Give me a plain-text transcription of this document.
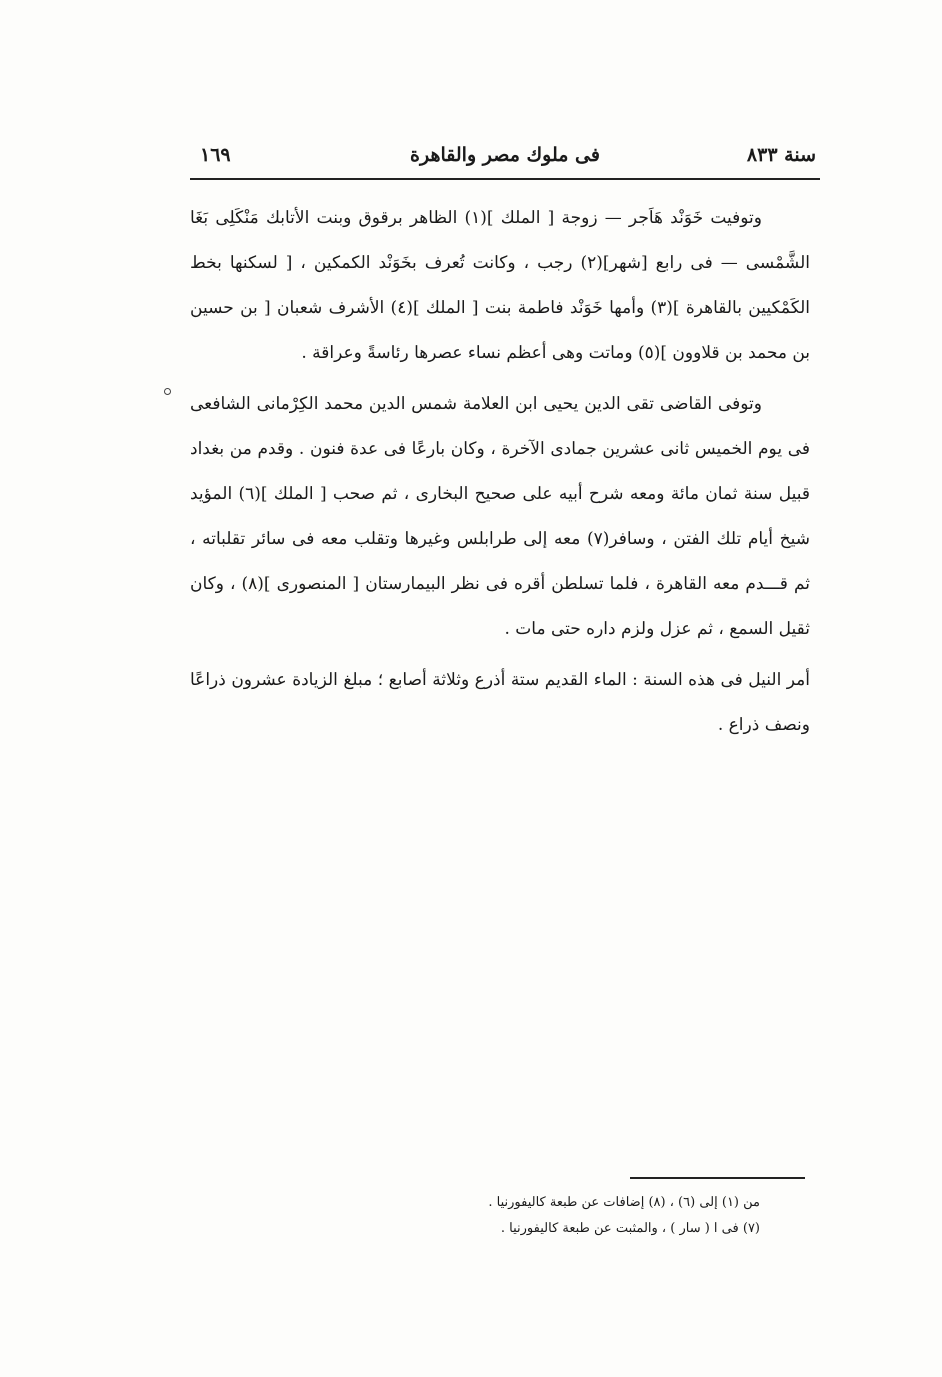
سنة ٨٣٣
فى ملوك مصر والقاهرة
١٦٩

وتوفيت خَوَنْد هَاَجر — زوجة [ الملك ](١) الظاهر برقوق وبنت الأتابك مَنْكَلِى بَغَا الشَّمْسى — فى رابع [شهر](٢) رجب ، وكانت تُعرف بخَوَنْد الكمكين ، [ لسكنها بخط الكَمْكيين بالقاهرة ](٣) وأمها خَوَنْد فاطمة بنت [ الملك ](٤) الأشرف شعبان [ بن حسين بن محمد بن قلاوون ](٥) وماتت وهى أعظم نساء عصرها رئاسةً وعراقة .

وتوفى القاضى تقى الدين يحيى ابن العلامة شمس الدين محمد الكِرْمانى الشافعى فى يوم الخميس ثانى عشرين جمادى الآخرة ، وكان بارعًا فى عدة فنون . وقدم من بغداد قبيل سنة ثمان مائة ومعه شرح أبيه على صحيح البخارى ، ثم صحب [ الملك ](٦) المؤيد شيخ أيام تلك الفتن ، وسافر(٧) معه إلى طرابلس وغيرها وتقلب معه فى سائر تقلباته ، ثم قـــدم معه القاهرة ، فلما تسلطن أقره فى نظر البيمارستان [ المنصورى ](٨) ، وكان ثقيل السمع ، ثم عزل ولزم داره حتى مات .

أمر النيل فى هذه السنة : الماء القديم ستة أذرع وثلاثة أصابع ؛ مبلغ الزيادة عشرون ذراعًا ونصف ذراع .

من (١) إلى (٦) ، (٨) إضافات عن طبعة كاليفورنيا .

(٧) فى ا ( سار ) ، والمثبت عن طبعة كاليفورنيا .
